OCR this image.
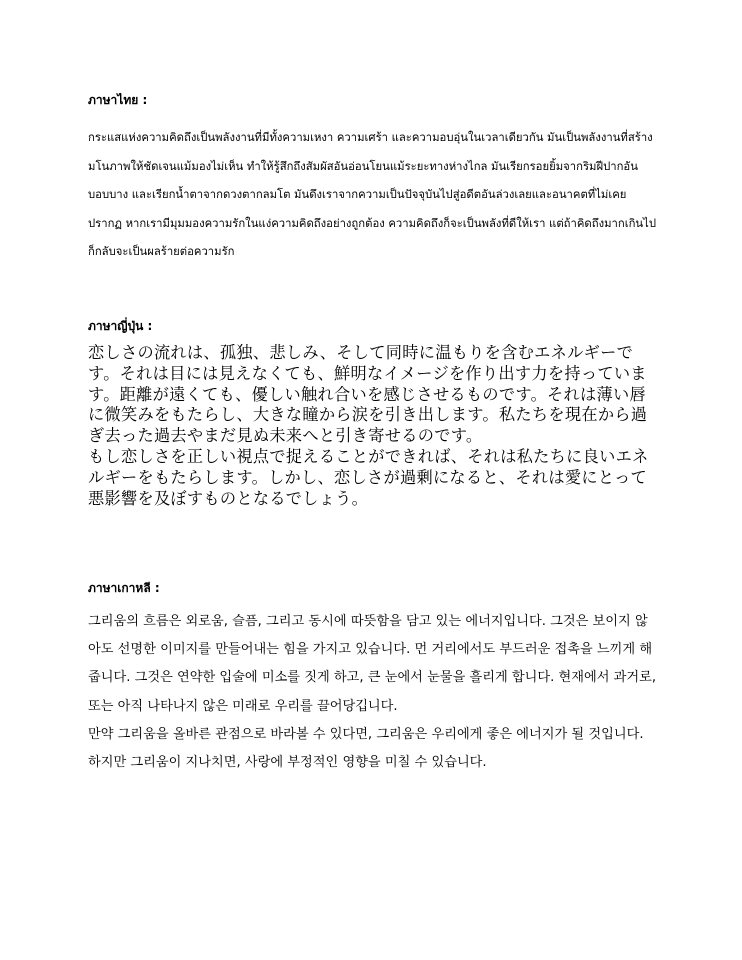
ภาษาไทย :

กระแสแห่งความคิดถึงเป็นพลังงานที่มีทั้งความเหงา ความเศร้า และความอบอุ่นในเวลาเดียวกัน มันเป็นพลังงานที่สร้างมโนภาพให้ชัดเจนแม้มองไม่เห็น ทำให้รู้สึกถึงสัมผัสอันอ่อนโยนแม้ระยะทางห่างไกล มันเรียกรอยยิ้มจากริมฝีปากอันบอบบาง และเรียกน้ำตาจากดวงตากลมโต มันดึงเราจากความเป็นปัจจุบันไปสู่อดีตอันล่วงเลยและอนาคตที่ไม่เคยปรากฏ หากเรามีมุมมองความรักในแง่ความคิดถึงอย่างถูกต้อง ความคิดถึงก็จะเป็นพลังที่ดีให้เรา แต่ถ้าคิดถึงมากเกินไป ก็กลับจะเป็นผลร้ายต่อความรัก

ภาษาญี่ปุ่น :

恋しさの流れは、孤独、悲しみ、そして同時に温もりを含むエネルギーです。それは目には見えなくても、鮮明なイメージを作り出す力を持っています。距離が遠くても、優しい触れ合いを感じさせるものです。それは薄い唇に微笑みをもたらし、大きな瞳から涙を引き出します。私たちを現在から過ぎ去った過去やまだ見ぬ未来へと引き寄せるのです。
もし恋しさを正しい視点で捉えることができれば、それは私たちに良いエネルギーをもたらします。しかし、恋しさが過剰になると、それは愛にとって悪影響を及ぼすものとなるでしょう。

ภาษาเกาหลี :

그리움의 흐름은 외로움, 슬픔, 그리고 동시에 따뜻함을 담고 있는 에너지입니다. 그것은 보이지 않아도 선명한 이미지를 만들어내는 힘을 가지고 있습니다. 먼 거리에서도 부드러운 접촉을 느끼게 해줍니다. 그것은 연약한 입술에 미소를 짓게 하고, 큰 눈에서 눈물을 흘리게 합니다. 현재에서 과거로, 또는 아직 나타나지 않은 미래로 우리를 끌어당깁니다.
만약 그리움을 올바른 관점으로 바라볼 수 있다면, 그리움은 우리에게 좋은 에너지가 될 것입니다. 하지만 그리움이 지나치면, 사랑에 부정적인 영향을 미칠 수 있습니다.
